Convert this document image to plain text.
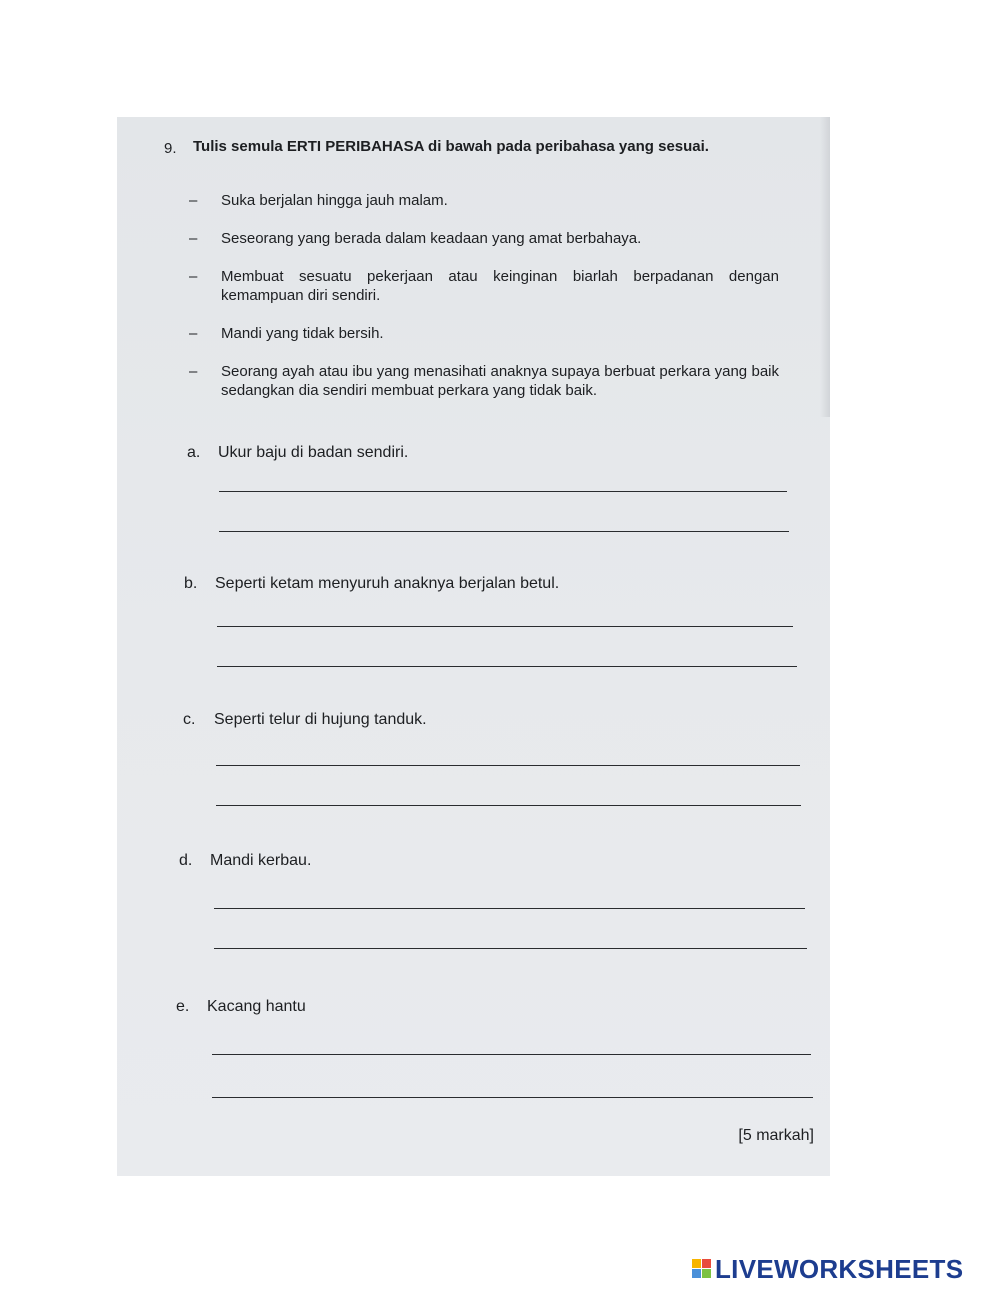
9. Tulis semula ERTI PERIBAHASA di bawah pada peribahasa yang sesuai.
– Suka berjalan hingga jauh malam.
– Seseorang yang berada dalam keadaan yang amat berbahaya.
– Membuat sesuatu pekerjaan atau keinginan biarlah berpadanan dengan kemampuan diri sendiri.
– Mandi yang tidak bersih.
– Seorang ayah atau ibu yang menasihati anaknya supaya berbuat perkara yang baik sedangkan dia sendiri membuat perkara yang tidak baik.
a. Ukur baju di badan sendiri.
b. Seperti ketam menyuruh anaknya berjalan betul.
c. Seperti telur di hujung tanduk.
d. Mandi kerbau.
e. Kacang hantu
[5 markah]
LIVEWORKSHEETS
